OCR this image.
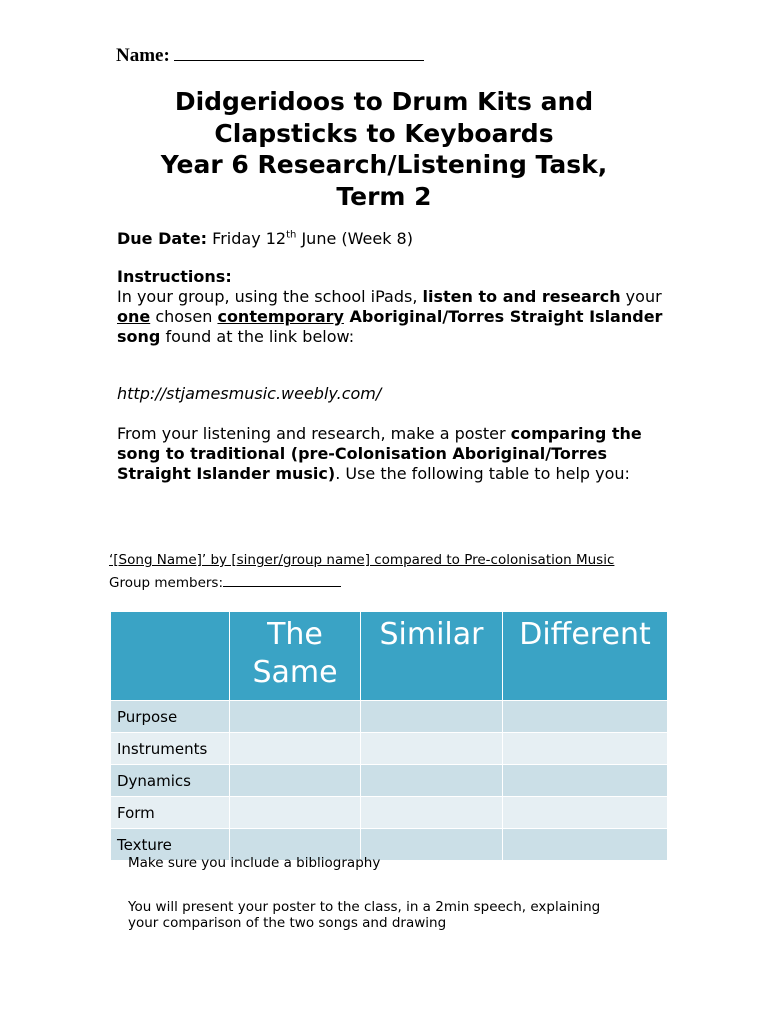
Name:
Didgeridoos to Drum Kits and
Clapsticks to Keyboards
Year 6 Research/Listening Task,
Term 2
Due Date: Friday 12th June (Week 8)
Instructions:
In your group, using the school iPads, listen to and research your one chosen contemporary Aboriginal/Torres Straight Islander song found at the link below:
http://stjamesmusic.weebly.com/
From your listening and research, make a poster comparing the song to traditional (pre-Colonisation Aboriginal/Torres Straight Islander music). Use the following table to help you:
‘[Song Name]’ by [singer/group name] compared to Pre-colonisation Music
Group members:
	The Same	Similar	Different
Purpose			
Instruments			
Dynamics			
Form			
Texture			
Make sure you include a bibliography
You will present your poster to the class, in a 2min speech, explaining your comparison of the two songs and drawing
